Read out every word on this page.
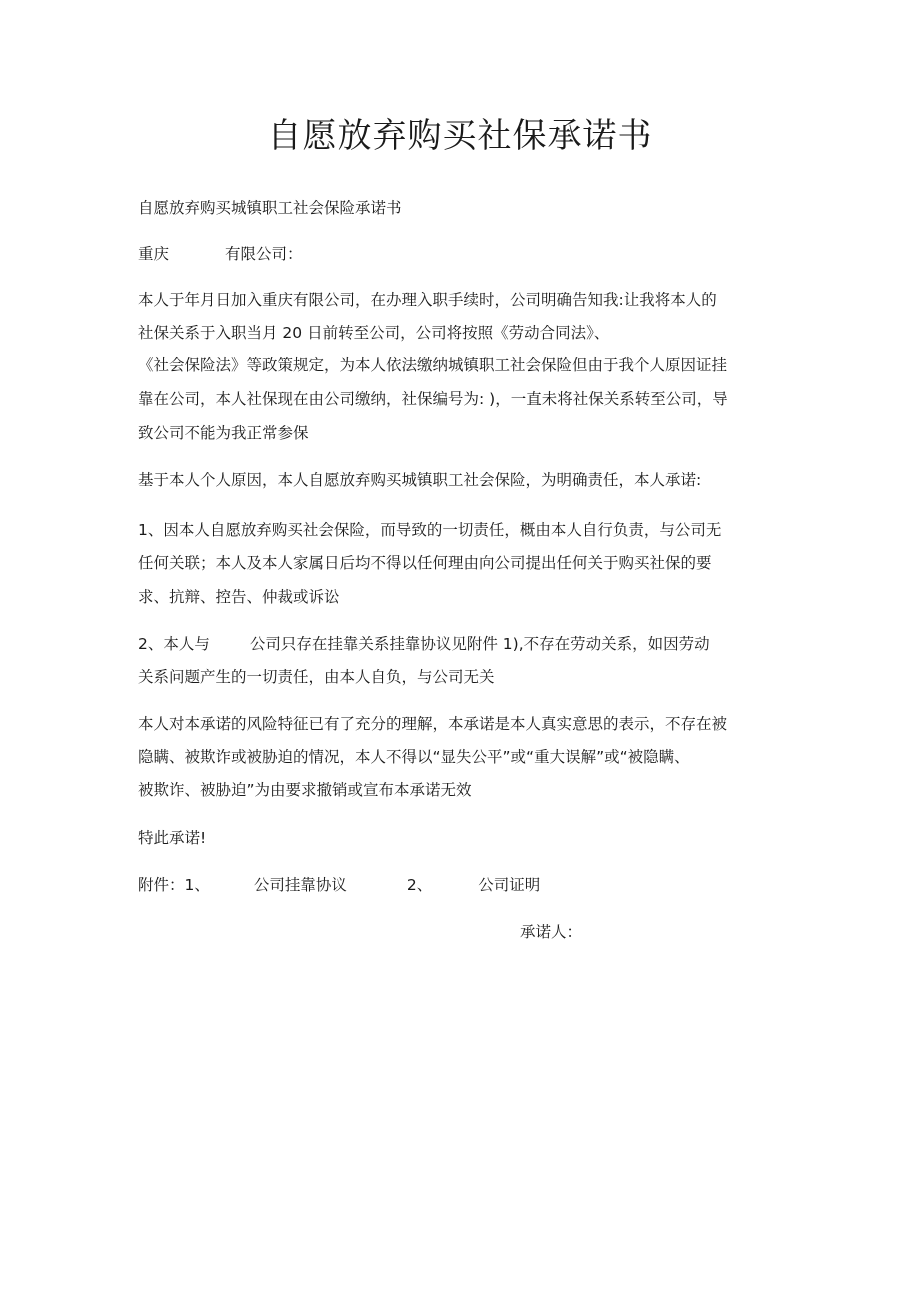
自愿放弃购买社保承诺书

自愿放弃购买城镇职工社会保险承诺书

重庆	有限公司：

本人于年月日加入重庆有限公司，在办理入职手续时，公司明确告知我:让我将本人的

社保关系于入职当月 20 日前转至公司，公司将按照《劳动合同法》、

《社会保险法》等政策规定，为本人依法缴纳城镇职工社会保险但由于我个人原因证挂

靠在公司，本人社保现在由公司缴纳，社保编号为: )，一直未将社保关系转至公司，导

致公司不能为我正常参保

基于本人个人原因，本人自愿放弃购买城镇职工社会保险，为明确责任，本人承诺:

1、因本人自愿放弃购买社会保险，而导致的一切责任，概由本人自行负责，与公司无

任何关联；本人及本人家属日后均不得以任何理由向公司提出任何关于购买社保的要

求、抗辩、控告、仲裁或诉讼

2、本人与	公司只存在挂靠关系挂靠协议见附件 1),不存在劳动关系，如因劳动

关系问题产生的一切责任，由本人自负，与公司无关

本人对本承诺的风险特征已有了充分的理解，本承诺是本人真实意思的表示，不存在被

隐瞒、被欺诈或被胁迫的情况，本人不得以“显失公平”或“重大误解”或“被隐瞒、

被欺诈、被胁迫”为由要求撤销或宣布本承诺无效

特此承诺!

附件：1、	公司挂靠协议	2、	公司证明

承诺人：
